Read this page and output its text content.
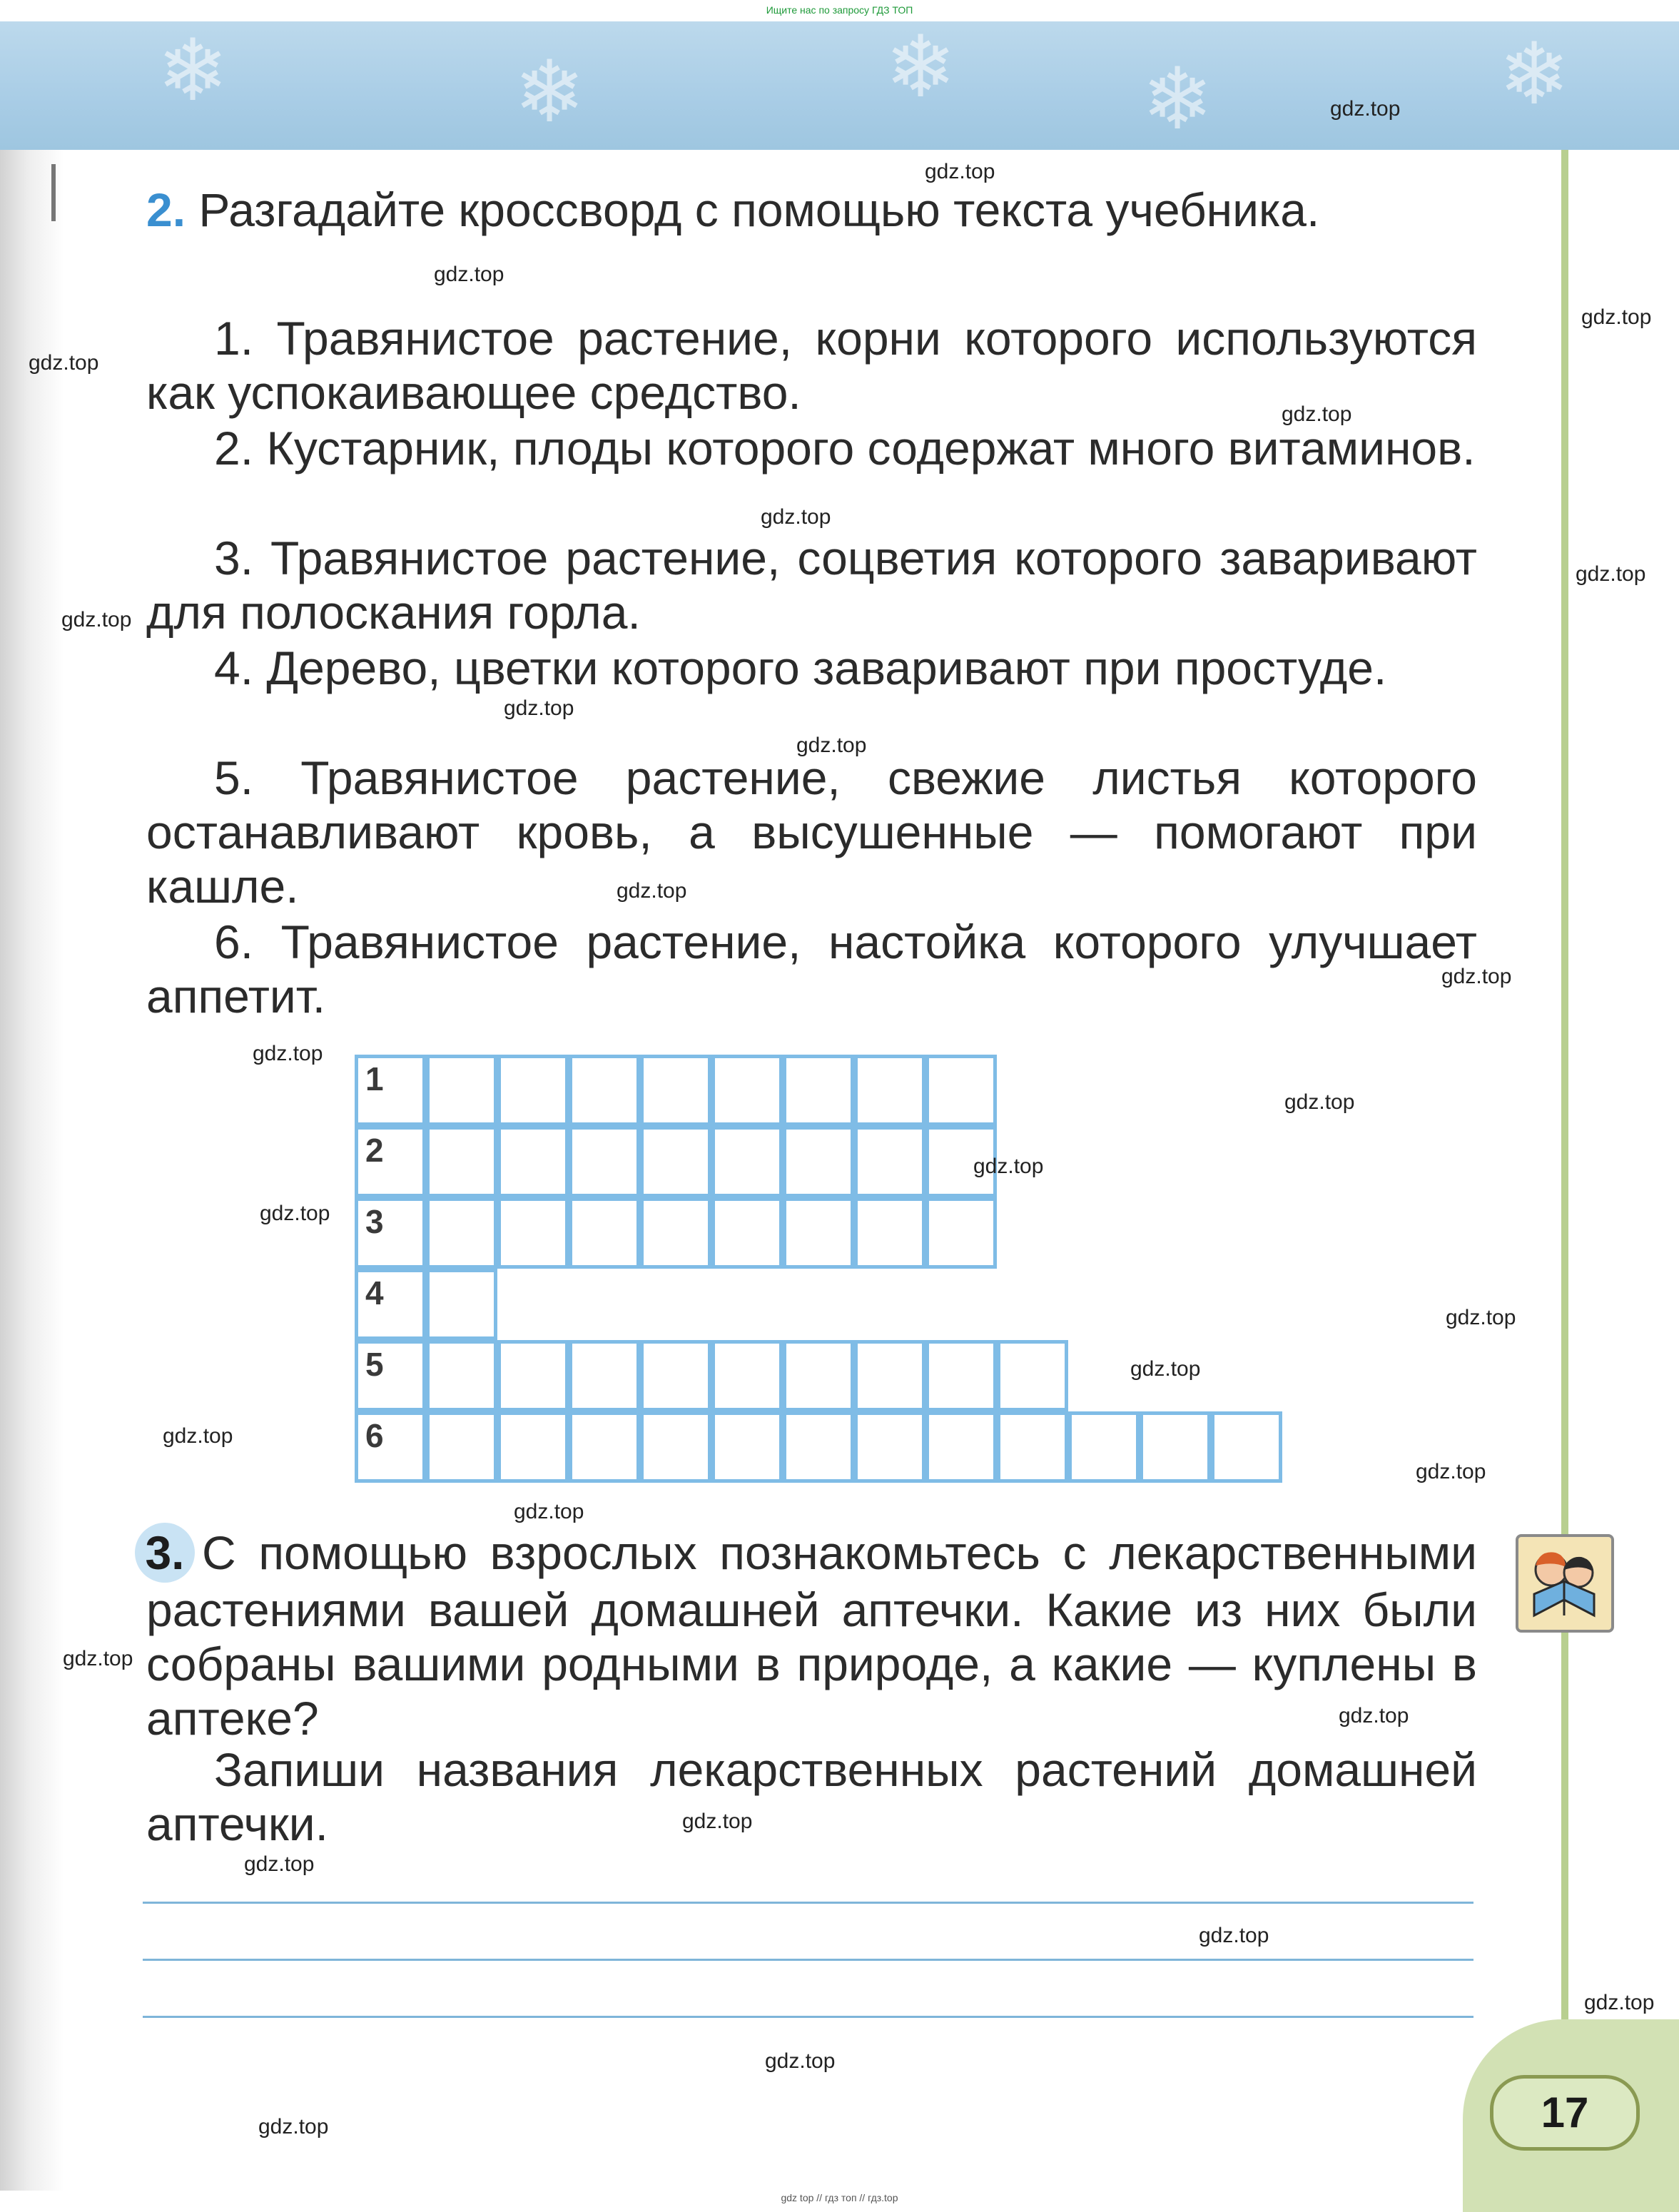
Ищите нас по запросу ГДЗ ТОП
❄	❄	❄ ❄	❄

2. Разгадайте кроссворд с помощью текста учебника.

1. Травянистое растение, корни которого используются как успокаивающее средство.

2. Кустарник, плоды которого содержат много витаминов.

3. Травянистое растение, соцветия которого заваривают для полоскания горла.

4. Дерево, цветки которого заваривают при простуде.

5. Травянистое растение, свежие листья которого останавливают кровь, а высушенные — помогают при кашле.

6. Травянистое растение, настойка которого улучшает аппетит.

1
2
3
4
5
6

3. С помощью взрослых познакомьтесь с лекарственными растениями вашей домашней аптечки. Какие из них были собраны вашими родными в природе, а какие — куплены в аптеке?

Запиши названия лекарственных растений домашней аптечки.

17
gdz.top
gdz.top
gdz.top
gdz.top
gdz.top
gdz.top
gdz.top
gdz.top
gdz.top
gdz.top
gdz.top
gdz.top
gdz.top
gdz.top
gdz.top
gdz.top
gdz.top
gdz.top
gdz.top
gdz.top
gdz.top
gdz.top
gdz.top
gdz.top
gdz.top
gdz.top
gdz.top
gdz.top
gdz.top
gdz.top
gdz top // гдз топ // гдз.top
